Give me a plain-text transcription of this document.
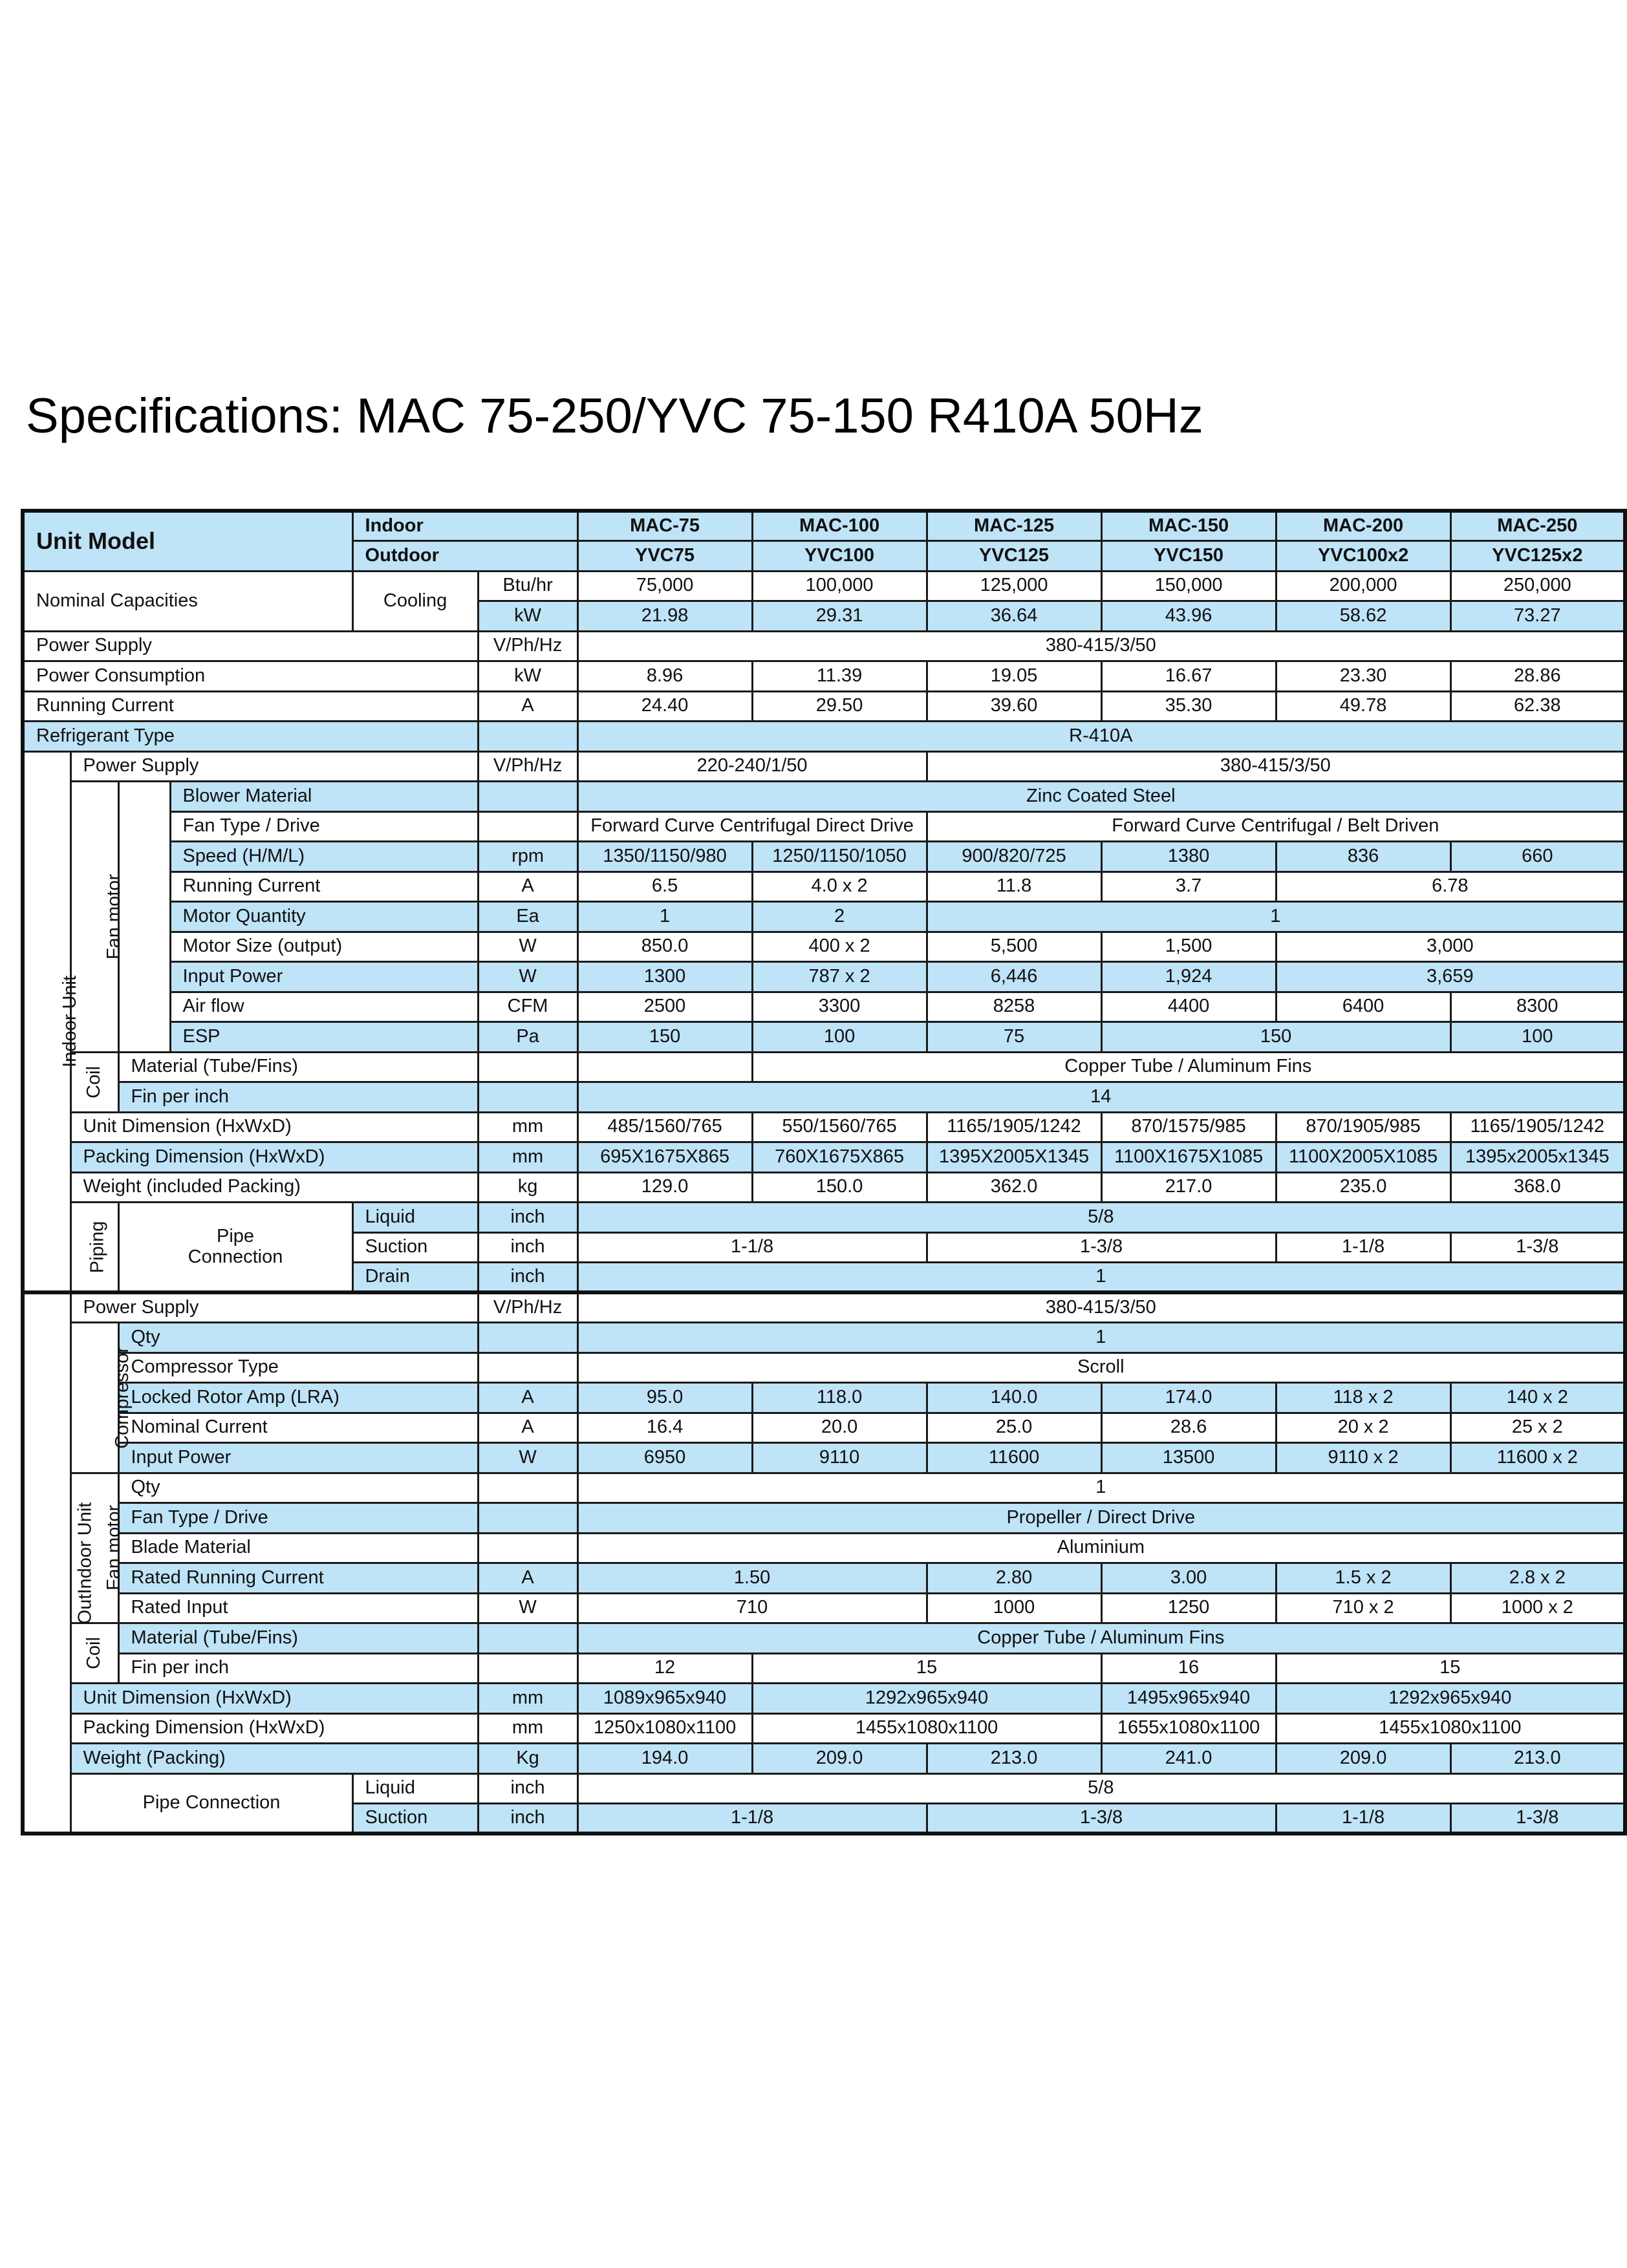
Specifications: MAC 75-250/YVC 75-150 R410A 50Hz
Unit Model				Indoor		MAC-75	MAC-100	MAC-125	MAC-150	MAC-200	MAC-250
				Outdoor		YVC75	YVC100	YVC125	YVC150	YVC100x2	YVC125x2
Nominal Capacities				Cooling	Btu/hr	75,000	100,000	125,000	150,000	200,000	250,000
					kW	21.98	29.31	36.64	43.96	58.62	73.27
Power Supply					V/Ph/Hz	380-415/3/50					
Power Consumption					kW	8.96	11.39	19.05	16.67	23.30	28.86
Running Current					A	24.40	29.50	39.60	35.30	49.78	62.38
Refrigerant Type						R-410A					
Indoor Unit	Power Supply				V/Ph/Hz	220-240/1/50		380-415/3/50			
	Fan motor		Blower Material			Zinc Coated Steel					
			Fan Type / Drive			Forward Curve Centrifugal Direct Drive		Forward Curve Centrifugal / Belt Driven			
			Speed (H/M/L)		rpm	1350/1150/980	1250/1150/1050	900/820/725	1380	836	660
			Running Current		A	6.5	4.0 x 2	11.8	3.7	6.78	
			Motor Quantity		Ea	1	2	1			
			Motor Size (output)		W	850.0	400 x 2	5,500	1,500	3,000	
			Input Power		W	1300	787 x 2	6,446	1,924	3,659	
			Air flow		CFM	2500	3300	8258	4400	6400	8300
			ESP		Pa	150	100	75	150		100
	Coil	Material (Tube/Fins)					Copper Tube / Aluminum Fins				
		Fin per inch				14					
	Unit Dimension (HxWxD)				mm	485/1560/765	550/1560/765	1165/1905/1242	870/1575/985	870/1905/985	1165/1905/1242
	Packing Dimension (HxWxD)				mm	695X1675X865	760X1675X865	1395X2005X1345	1100X1675X1085	1100X2005X1085	1395x2005x1345
	Weight (included Packing)				kg	129.0	150.0	362.0	217.0	235.0	368.0
	Piping	Pipe
Connection		Liquid	inch	5/8					
				Suction	inch	1-1/8		1-3/8		1-1/8	1-3/8
				Drain	inch	1					
OutIndoor Unit	Power Supply				V/Ph/Hz	380-415/3/50					
	Compressor	Qty				1					
		Compressor Type				Scroll					
		Locked Rotor Amp (LRA)			A	95.0	118.0	140.0	174.0	118 x 2	140 x 2
		Nominal Current			A	16.4	20.0	25.0	28.6	20 x 2	25 x 2
		Input Power			W	6950	9110	11600	13500	9110 x 2	11600 x 2
	Fan motor	Qty				1					
		Fan Type / Drive				Propeller / Direct Drive					
		Blade Material				Aluminium					
		Rated Running Current			A	1.50		2.80	3.00	1.5 x 2	2.8 x 2
		Rated Input			W	710		1000	1250	710 x 2	1000 x 2
	Coil	Material (Tube/Fins)				Copper Tube / Aluminum Fins					
		Fin per inch				12	15		16	15	
	Unit Dimension (HxWxD)				mm	1089x965x940	1292x965x940		1495x965x940	1292x965x940	
	Packing Dimension (HxWxD)				mm	1250x1080x1100	1455x1080x1100		1655x1080x1100	1455x1080x1100	
	Weight (Packing)				Kg	194.0	209.0	213.0	241.0	209.0	213.0
	Pipe Connection			Liquid	inch	5/8					
				Suction	inch	1-1/8		1-3/8		1-1/8	1-3/8
